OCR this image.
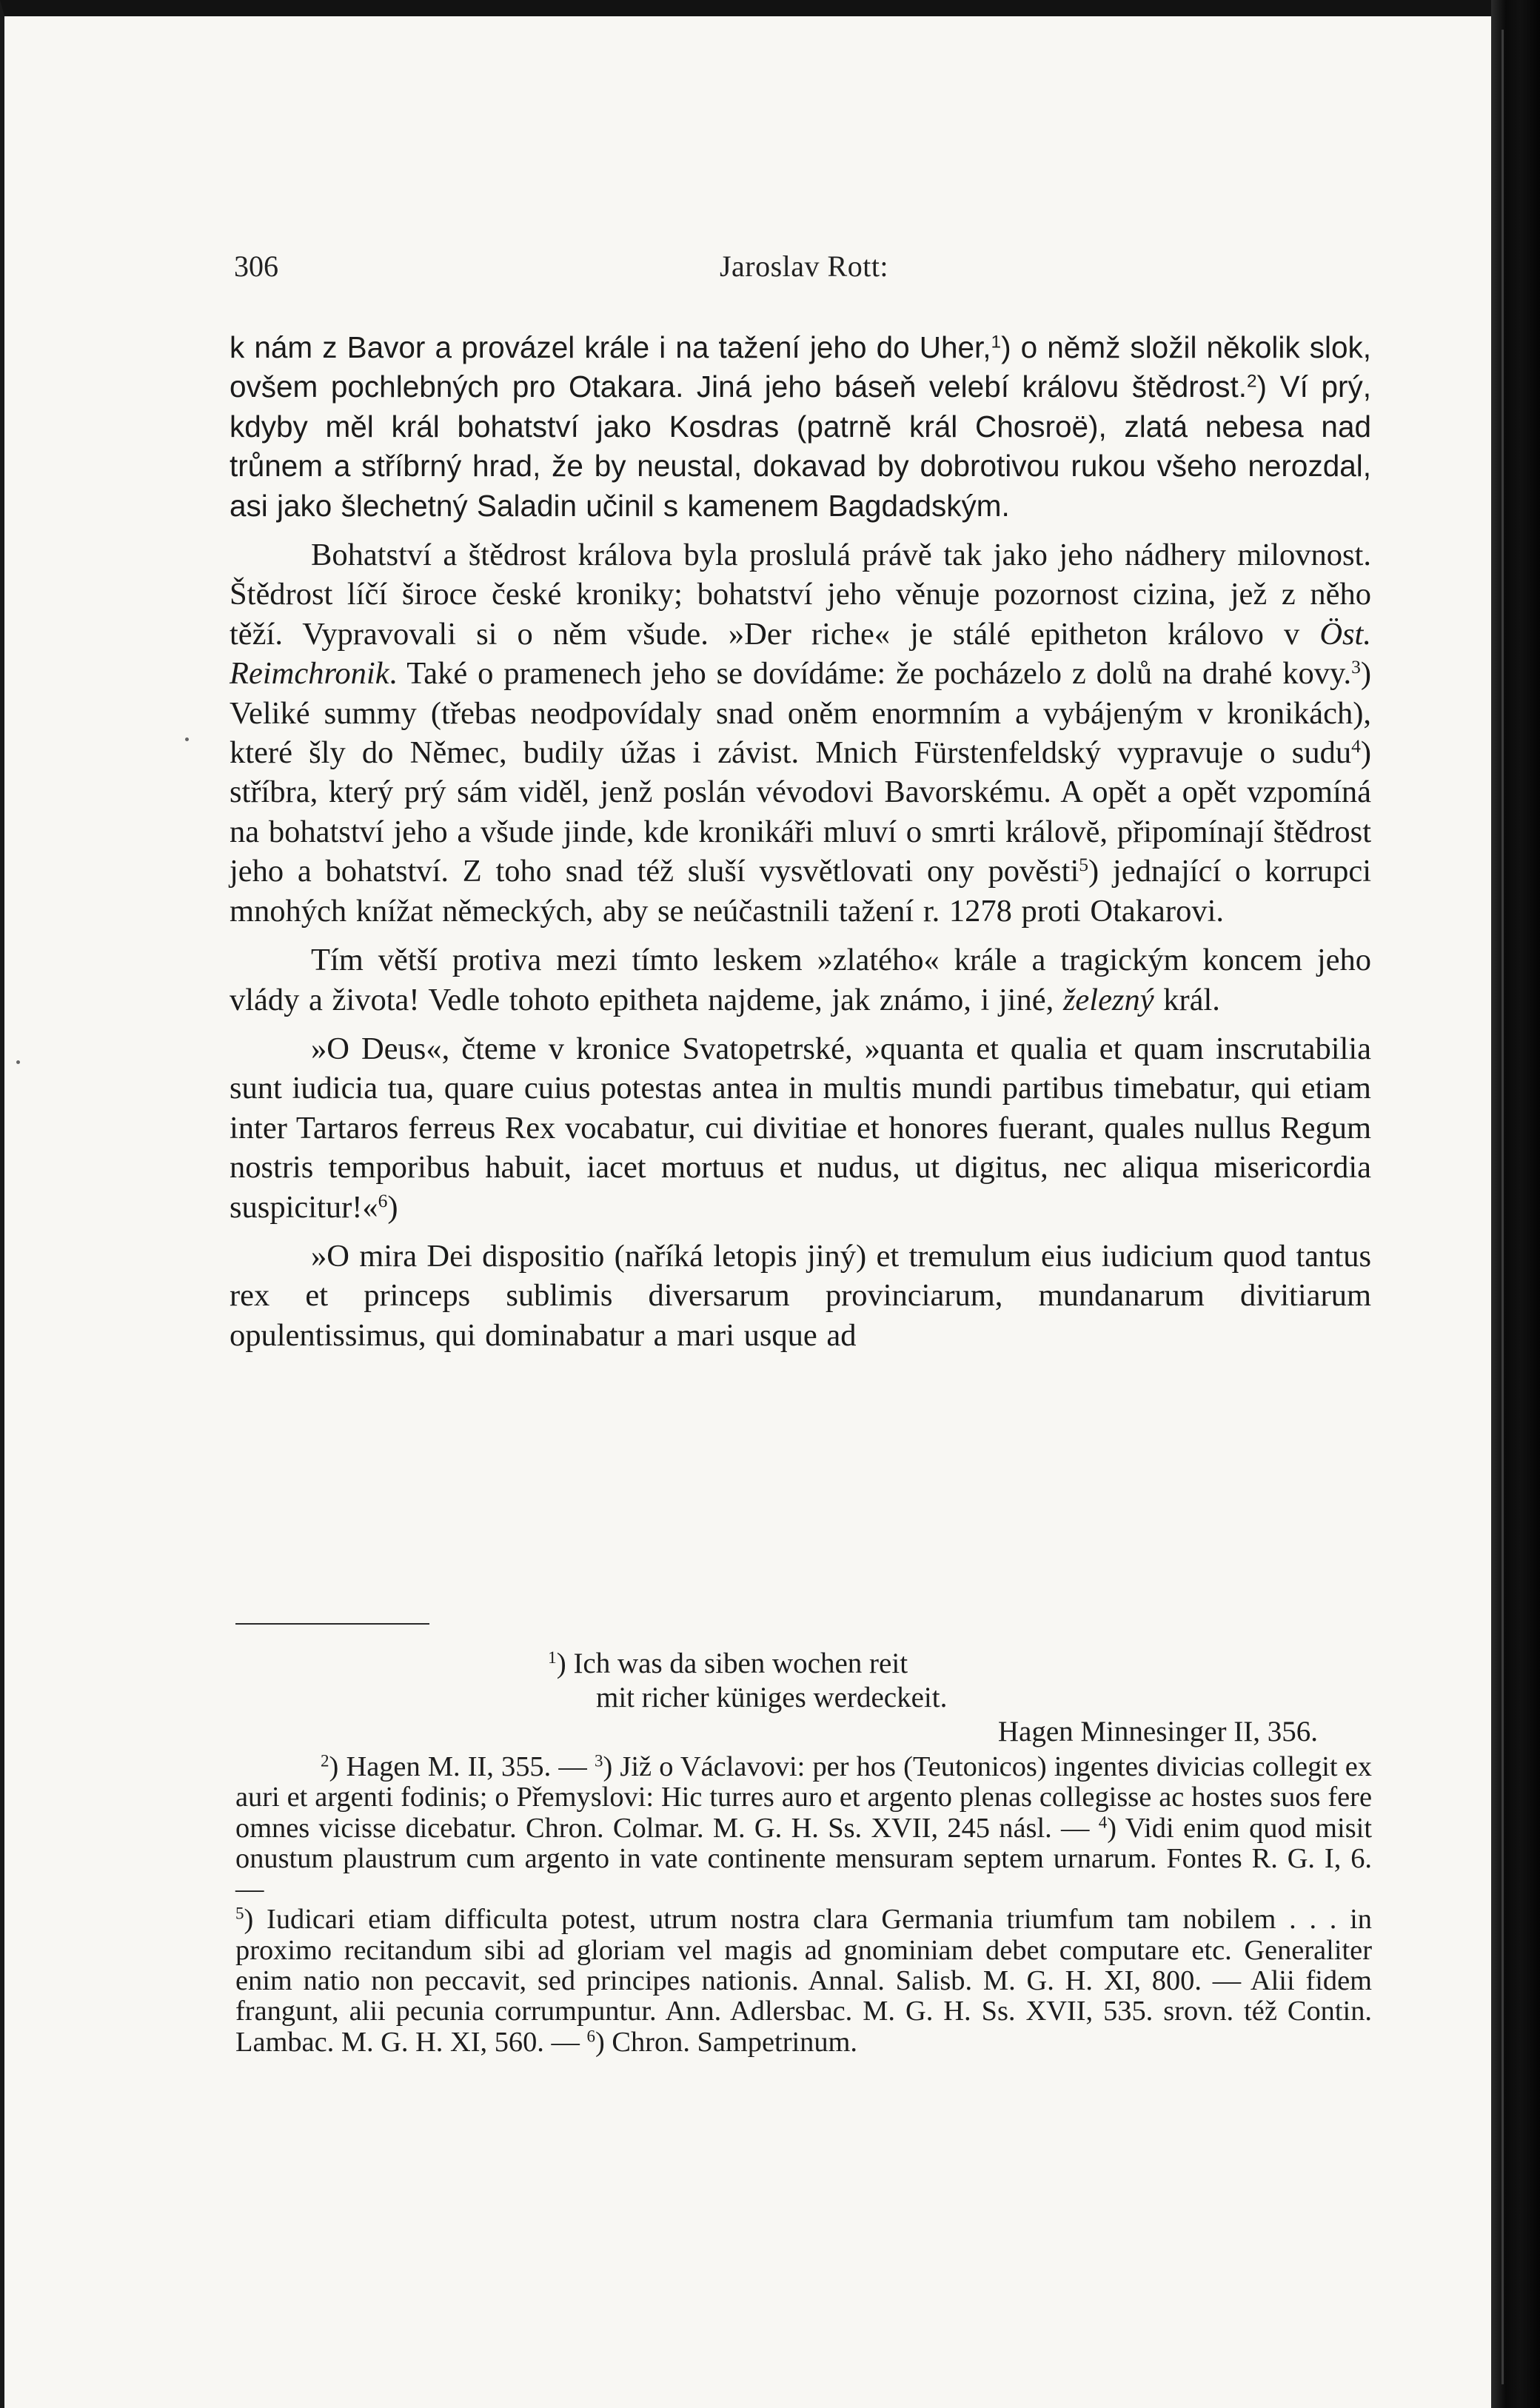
306	Jaroslav Rott:

k nám z Bavor a provázel krále i na tažení jeho do Uher,$^1$) o němž složil několik slok, ovšem pochlebných pro Otakara. Jiná jeho báseň velebí královu štědrost.$^2$) Ví prý, kdyby měl král bohatství jako Kosdras (patrně král Chosroë), zlatá nebesa nad trůnem a stříbrný hrad, že by neustal, dokavad by dobrotivou rukou všeho nerozdal, asi jako šlechetný Saladin učinil s kamenem Bagdadským.

Bohatství a štědrost králova byla proslulá právě tak jako jeho nádhery milovnost. Štědrost líčí široce české kroniky; bohatství jeho věnuje pozornost cizina, jež z něho těží. Vypravovali si o něm všude. »Der riche« je stálé epitheton královo v Öst. Reimchronik. Také o pramenech jeho se dovídáme: že pocházelo z dolů na drahé kovy.$^3$) Veliké summy (třebas neodpovídaly snad oněm enormním a vybájeným v kronikách), které šly do Němec, budily úžas i závist. Mnich Fürstenfeldský vypravuje o sudu$^4$) stříbra, který prý sám viděl, jenž poslán vévodovi Bavorskému. A opět a opět vzpomíná na bohatství jeho a všude jinde, kde kronikáři mluví o smrti královĕ, připomínají štědrost jeho a bohatství. Z toho snad též sluší vysvětlovati ony pověsti$^5$) jednající o korrupci mnohých knížat německých, aby se neúčastnili tažení r. 1278 proti Otakarovi.

Tím větší protiva mezi tímto leskem »zlatého« krále a tragickým koncem jeho vlády a života! Vedle tohoto epitheta najdeme, jak známo, i jiné, železný král.

»O Deus«, čteme v kronice Svatopetrské, »quanta et qualia et quam inscrutabilia sunt iudicia tua, quare cuius potestas antea in multis mundi partibus timebatur, qui etiam inter Tartaros ferreus Rex vocabatur, cui divitiae et honores fuerant, quales nullus Regum nostris temporibus habuit, iacet mortuus et nudus, ut digitus, nec aliqua misericordia suspicitur!«$^6$)

»O mira Dei dispositio (naříká letopis jiný) et tremulum eius iudicium quod tantus rex et princeps sublimis diversarum provinciarum, mundanarum divitiarum opulentissimus, qui dominabatur a mari usque ad

$^1$) Ich was da siben wochen reit
mit richer küniges werdeckeit.
Hagen Minnesinger II, 356.

$^2$) Hagen M. II, 355. — $^3$) Již o Václavovi: per hos (Teutonicos) ingentes divicias collegit ex auri et argenti fodinis; o Přemyslovi: Hic turres auro et argento plenas collegisse ac hostes suos fere omnes vicisse dicebatur. Chron. Colmar. M. G. H. Ss. XVII, 245 násl. — $^4$) Vidi enim quod misit onustum plaustrum cum argento in vate continente mensuram septem urnarum. Fontes R. G. I, 6. —

$^5$) Iudicari etiam difficulta potest, utrum nostra clara Germania triumfum tam nobilem . . . in proximo recitandum sibi ad gloriam vel magis ad gnominiam debet computare etc. Generaliter enim natio non peccavit, sed principes nationis. Annal. Salisb. M. G. H. XI, 800. — Alii fidem frangunt, alii pecunia corrumpuntur. Ann. Adlersbac. M. G. H. Ss. XVII, 535. srovn. též Contin. Lambac. M. G. H. XI, 560. — $^6$) Chron. Sampetrinum.
